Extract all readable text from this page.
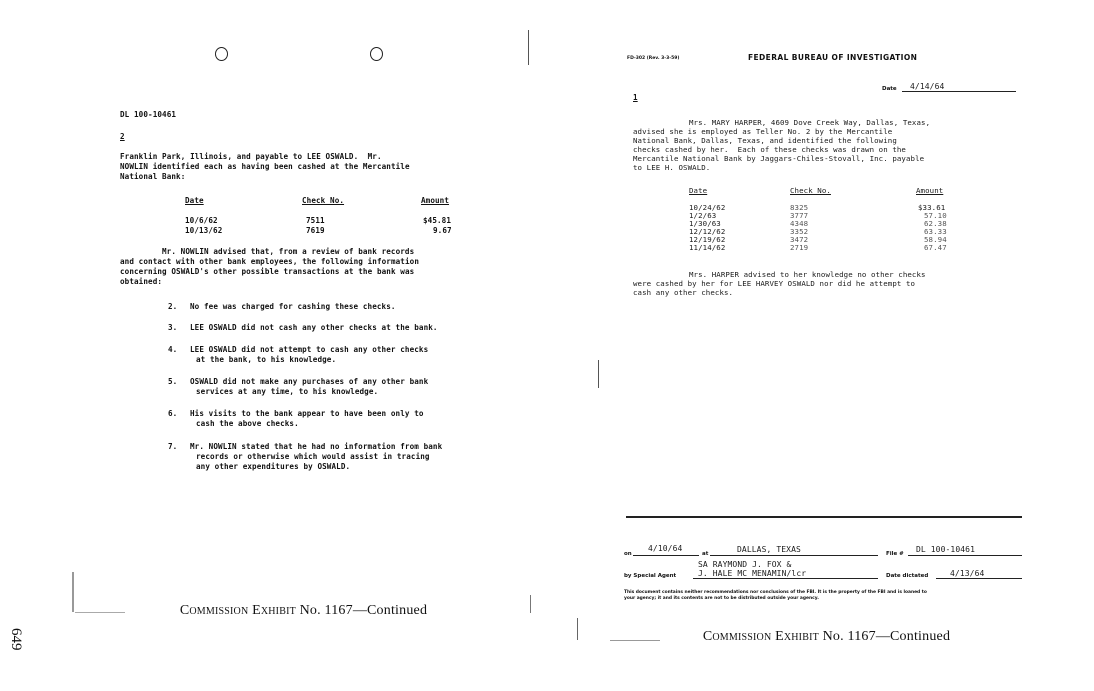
DL 100-10461
2
Franklin Park, Illinois, and payable to LEE OSWALD.  Mr.
NOWLIN identified each as having been cashed at the Mercantile
National Bank:
Date	Check No.	Amount
10/6/62	7511	$45.81
10/13/62	7619	9.67
Mr. NOWLIN advised that, from a review of bank records
and contact with other bank employees, the following information
concerning OSWALD's other possible transactions at the bank was
obtained:
2. No fee was charged for cashing these checks.
3. LEE OSWALD did not cash any other checks at the bank.
4. LEE OSWALD did not attempt to cash any other checks
at the bank, to his knowledge.
5. OSWALD did not make any purchases of any other bank
services at any time, to his knowledge.
6. His visits to the bank appear to have been only to
cash the above checks.
7. Mr. NOWLIN stated that he had no information from bank
records or otherwise which would assist in tracing
any other expenditures by OSWALD.

Commission Exhibit No. 1167—Continued

649
FD-302 (Rev. 3-3-59)	FEDERAL BUREAU OF INVESTIGATION
Date 4/14/64
1
Mrs. MARY HARPER, 4609 Dove Creek Way, Dallas, Texas,
advised she is employed as Teller No. 2 by the Mercantile
National Bank, Dallas, Texas, and identified the following
checks cashed by her.  Each of these checks was drawn on the
Mercantile National Bank by Jaggars-Chiles-Stovall, Inc. payable
to LEE H. OSWALD.
Date	Check No.	Amount
10/24/62	8325	$33.61
1/2/63	3777	57.10
1/30/63	4348	62.38
12/12/62	3352	63.33
12/19/62	3472	58.94
11/14/62	2719	67.47
Mrs. HARPER advised to her knowledge no other checks
were cashed by her for LEE HARVEY OSWALD nor did he attempt to
cash any other checks.
on
4/10/64
at	DALLAS, TEXAS	File # DL 100-10461
SA RAYMOND J. FOX &
by Special Agent	J. HALE MC MENAMIN/lcr	Date dictated	4/13/64
This document contains neither recommendations nor conclusions of the FBI. It is the property of the FBI and is loaned to
your agency; it and its contents are not to be distributed outside your agency.

Commission Exhibit No. 1167—Continued
